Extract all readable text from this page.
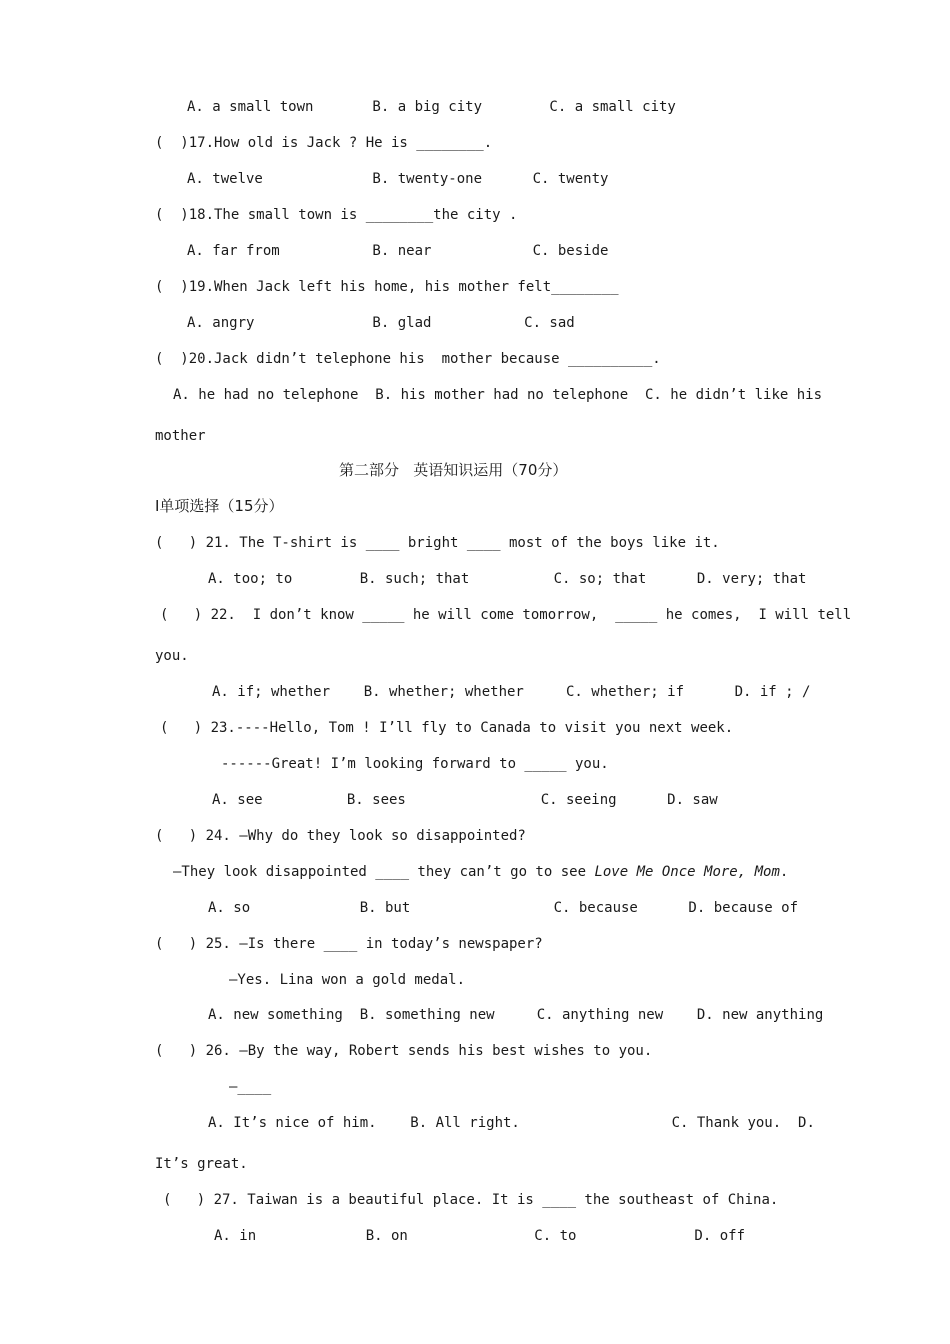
A. a small town       B. a big city        C. a small city
(  )17.How old is Jack ? He is ________.
A. twelve             B. twenty-one      C. twenty
(  )18.The small town is ________the city .
A. far from           B. near            C. beside
(  )19.When Jack left his home, his mother felt________
A. angry              B. glad           C. sad
(  )20.Jack didn’t telephone his  mother because __________.
A. he had no telephone  B. his mother had no telephone  C. he didn’t like his
mother
第二部分   英语知识运用（70分）
Ⅰ单项选择（15分）
(   ) 21. The T-shirt is ____ bright ____ most of the boys like it.
A. too; to        B. such; that          C. so; that      D. very; that
(   ) 22.  I don’t know _____ he will come tomorrow,  _____ he comes,  I will tell
you.
A. if; whether    B. whether; whether     C. whether; if      D. if ; /
(   ) 23.----Hello, Tom ! I’ll fly to Canada to visit you next week.
------Great! I’m looking forward to _____ you.
A. see          B. sees                C. seeing      D. saw
(   ) 24. —Why do they look so disappointed?
—They look disappointed ____ they can’t go to see Love Me Once More, Mom.
A. so             B. but                 C. because      D. because of
(   ) 25. —Is there ____ in today’s newspaper?
—Yes. Lina won a gold medal.
A. new something  B. something new     C. anything new    D. new anything
(   ) 26. —By the way, Robert sends his best wishes to you.
—____
A. It’s nice of him.    B. All right.                  C. Thank you.  D.
It’s great.
(   ) 27. Taiwan is a beautiful place. It is ____ the southeast of China.
A. in             B. on               C. to              D. off
